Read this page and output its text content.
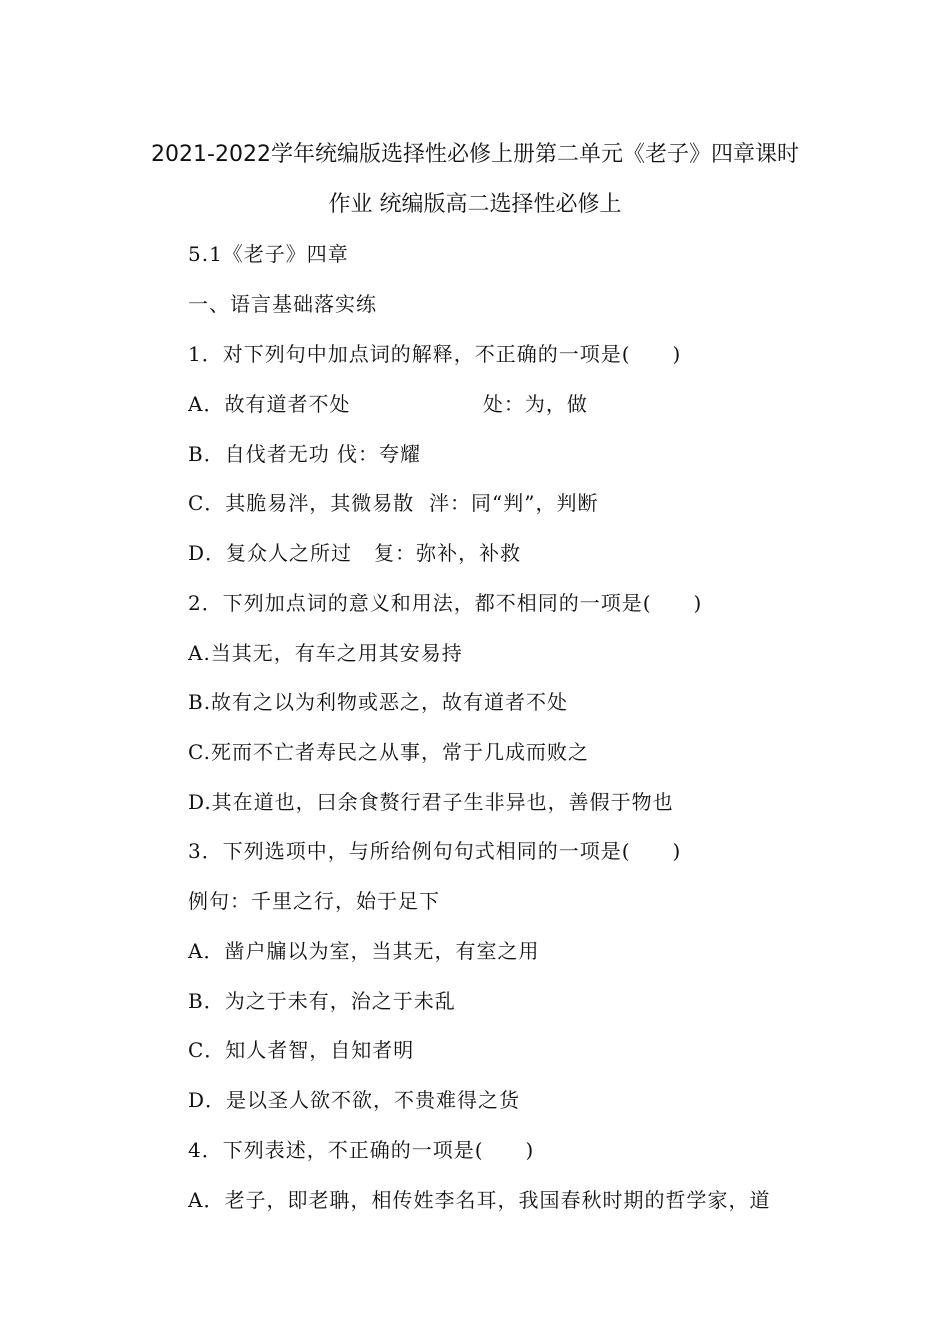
2021-2022学年统编版选择性必修上册第二单元《老子》四章课时
作业 统编版高二选择性必修上
5.1《老子》四章
一、语言基础落实练
1．对下列句中加点词的解释，不正确的一项是(　　)
A．故有道者不处                  处：为，做
B．自伐者无功 伐：夸耀
C．其脆易泮，其微易散  泮：同“判”，判断
D．复众人之所过   复：弥补，补救
2．下列加点词的意义和用法，都不相同的一项是(　　)
A.当其无，有车之用其安易持
B.故有之以为利物或恶之，故有道者不处
C.死而不亡者寿民之从事，常于几成而败之
D.其在道也，曰余食赘行君子生非异也，善假于物也
3．下列选项中，与所给例句句式相同的一项是(　　)
例句：千里之行，始于足下
A．凿户牖以为室，当其无，有室之用
B．为之于未有，治之于未乱
C．知人者智，自知者明
D．是以圣人欲不欲，不贵难得之货
4．下列表述，不正确的一项是(　　)
A．老子，即老聃，相传姓李名耳，我国春秋时期的哲学家，道
